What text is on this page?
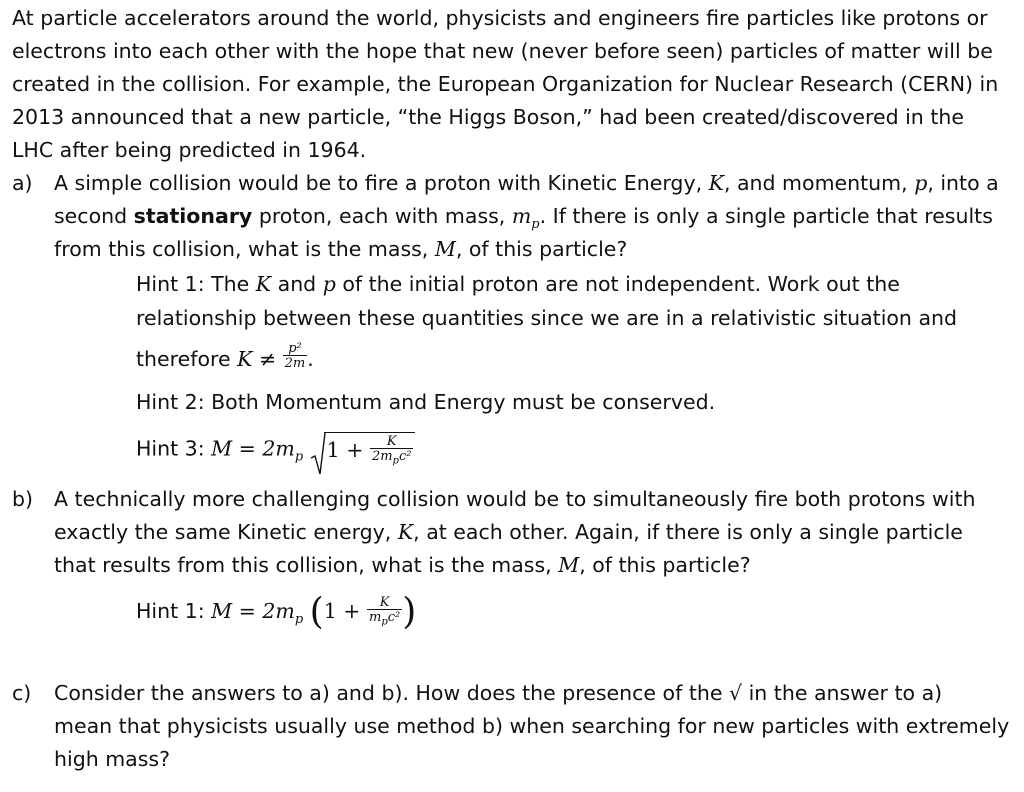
At particle accelerators around the world, physicists and engineers fire particles like protons or
electrons into each other with the hope that new (never before seen) particles of matter will be
created in the collision. For example, the European Organization for Nuclear Research (CERN) in
2013 announced that a new particle, “the Higgs Boson,” had been created/discovered in the
LHC after being predicted in 1964.
a) A simple collision would be to fire a proton with Kinetic Energy, K, and momentum, p, into a
second stationary proton, each with mass, $m_p$. If there is only a single particle that results
from this collision, what is the mass, M, of this particle?
Hint 1: The K and p of the initial proton are not independent. Work out the
relationship between these quantities since we are in a relativistic situation and
therefore $K \ne \frac{\text{p²}}{2m}$ .
Hint 2: Both Momentum and Energy must be conserved.
Hint 3: $M = 2m_p$ $1 + \frac{K}{2m_pc^2}$
b) A technically more challenging collision would be to simultaneously fire both protons with
exactly the same Kinetic energy, K, at each other. Again, if there is only a single particle
that results from this collision, what is the mass, M, of this particle?
Hint 1: $M = 2m_p$ ($1 + \frac{K}{m_pc^2}$ )
c) Consider the answers to a) and b). How does the presence of the √ in the answer to a)
mean that physicists usually use method b) when searching for new particles with extremely
high mass?
